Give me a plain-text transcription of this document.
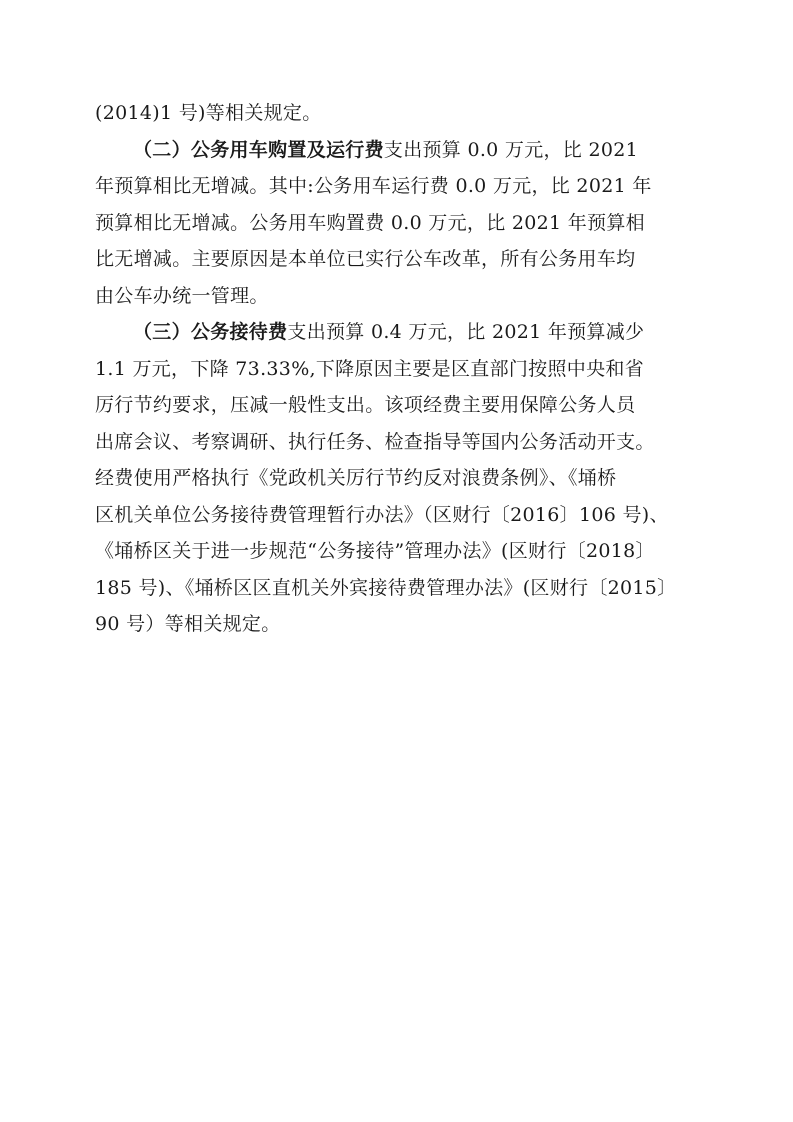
(2014)1 号)等相关规定。
（二）公务用车购置及运行费支出预算 0.0 万元，比 2021
年预算相比无增减。其中:公务用车运行费 0.0 万元，比 2021 年
预算相比无增减。公务用车购置费 0.0 万元，比 2021 年预算相
比无增减。主要原因是本单位已实行公车改革，所有公务用车均
由公车办统一管理。
（三）公务接待费支出预算 0.4 万元，比 2021 年预算减少
1.1 万元，下降 73.33%,下降原因主要是区直部门按照中央和省
厉行节约要求，压减一般性支出。该项经费主要用保障公务人员
出席会议、考察调研、执行任务、检查指导等国内公务活动开支。
经费使用严格执行《党政机关厉行节约反对浪费条例》、《埇桥
区机关单位公务接待费管理暂行办法》（区财行〔2016〕106 号)、
《埇桥区关于进一步规范“公务接待”管理办法》(区财行〔2018〕
185 号)、《埇桥区区直机关外宾接待费管理办法》(区财行〔2015〕
90 号）等相关规定。
